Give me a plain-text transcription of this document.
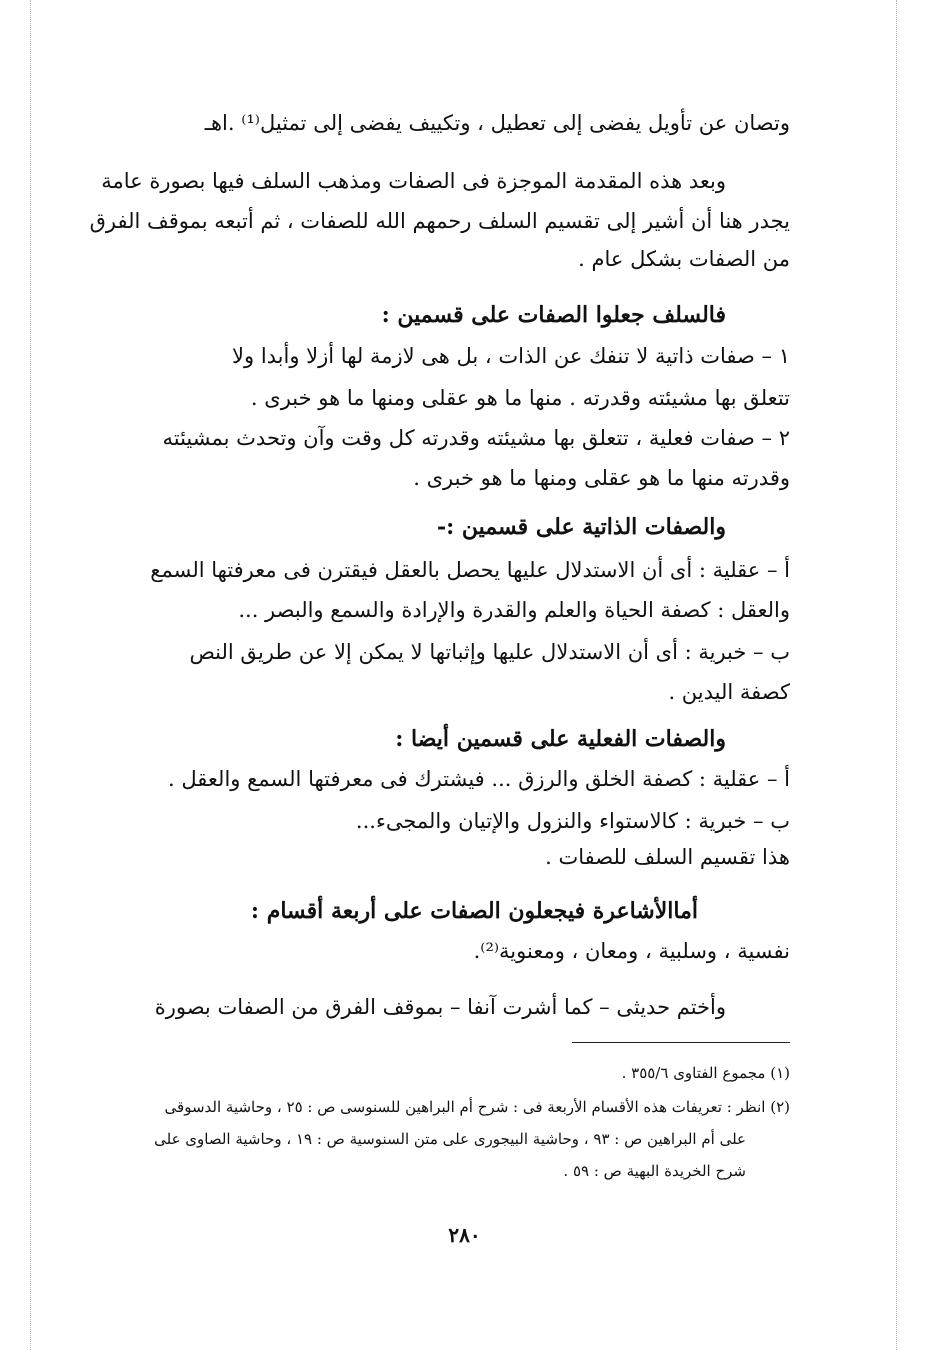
وتصان عن تأويل يفضى إلى تعطيل ، وتكييف يفضى إلى تمثيل⁽¹⁾ .اهـ
وبعد هذه المقدمة الموجزة فى الصفات ومذهب السلف فيها بصورة عامة
يجدر هنا أن أشير إلى تقسيم السلف رحمهم الله للصفات ، ثم أتبعه بموقف الفرق
من الصفات بشكل عام .
فالسلف جعلوا الصفات على قسمين :
١ – صفات ذاتية لا تنفك عن الذات ، بل هى لازمة لها أزلا وأبدا ولا
تتعلق بها مشيئته وقدرته . منها ما هو عقلى ومنها ما هو خبرى .
٢ – صفات فعلية ، تتعلق بها مشيئته وقدرته كل وقت وآن وتحدث بمشيئته
وقدرته منها ما هو عقلى ومنها ما هو خبرى .
والصفات الذاتية على قسمين :-
أ – عقلية : أى أن الاستدلال عليها يحصل بالعقل فيقترن فى معرفتها السمع
والعقل : كصفة الحياة والعلم والقدرة والإرادة والسمع والبصر ...
ب – خبرية : أى أن الاستدلال عليها وإثباتها لا يمكن إلا عن طريق النص
كصفة اليدين .
والصفات الفعلية على قسمين أيضا :
أ – عقلية : كصفة الخلق والرزق ... فيشترك فى معرفتها السمع والعقل .
ب – خبرية : كالاستواء والنزول والإتيان والمجىء...
هذا تقسيم السلف للصفات .
أماالأشاعرة فيجعلون الصفات على أربعة أقسام :
نفسية ، وسلبية ، ومعان ، ومعنوية⁽²⁾.
وأختم حديثى – كما أشرت آنفا – بموقف الفرق من الصفات بصورة
(١) مجموع الفتاوى ٣٥٥/٦ .
(٢) انظر : تعريفات هذه الأقسام الأربعة فى : شرح أم البراهين للسنوسى ص : ٢٥ ، وحاشية الدسوقى
على أم البراهين ص : ٩٣ ، وحاشية البيجورى على متن السنوسية ص : ١٩ ، وحاشية الصاوى على
شرح الخريدة البهية ص : ٥٩ .
٢٨٠
